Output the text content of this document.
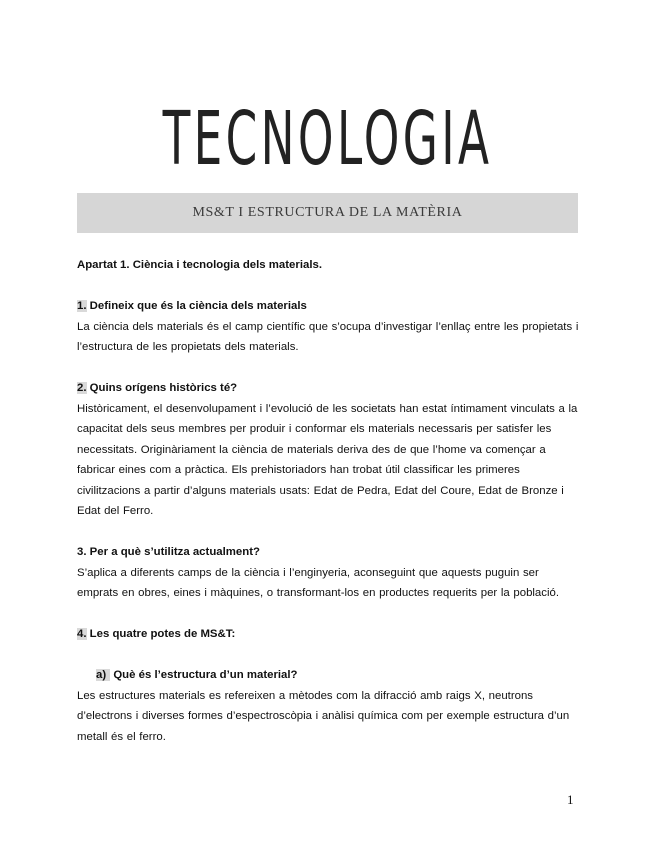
TECNOLOGIA
MS&T I ESTRUCTURA DE LA MATÈRIA

Apartat 1. Ciència i tecnologia dels materials.

1. Defineix que és la ciència dels materials

La ciència dels materials és el camp científic que s’ocupa d’investigar l’enllaç entre les propietats i l’estructura de les propietats dels materials.

2. Quins orígens històrics té?

Històricament, el desenvolupament i l’evolució de les societats han estat íntimament vinculats a la capacitat dels seus membres per produir i conformar els materials necessaris per satisfer les necessitats. Originàriament la ciència de materials deriva des de que l’home va començar a fabricar eines com a pràctica. Els prehistoriadors han trobat útil classificar les primeres civilitzacions a partir d’alguns materials usats: Edat de Pedra, Edat del Coure, Edat de Bronze i Edat del Ferro.

3. Per a què s’utilitza actualment?

S’aplica a diferents camps de la ciència i l’enginyeria, aconseguint que aquests puguin ser emprats en obres, eines i màquines, o transformant-los en productes requerits per la població.

4. Les quatre potes de MS&T:

a) Què és l’estructura d’un material?

Les estructures materials es refereixen a mètodes com la difracció amb raigs X, neutrons d’electrons i diverses formes d’espectroscòpia i anàlisi química com per exemple estructura d’un metall és el ferro.

1
